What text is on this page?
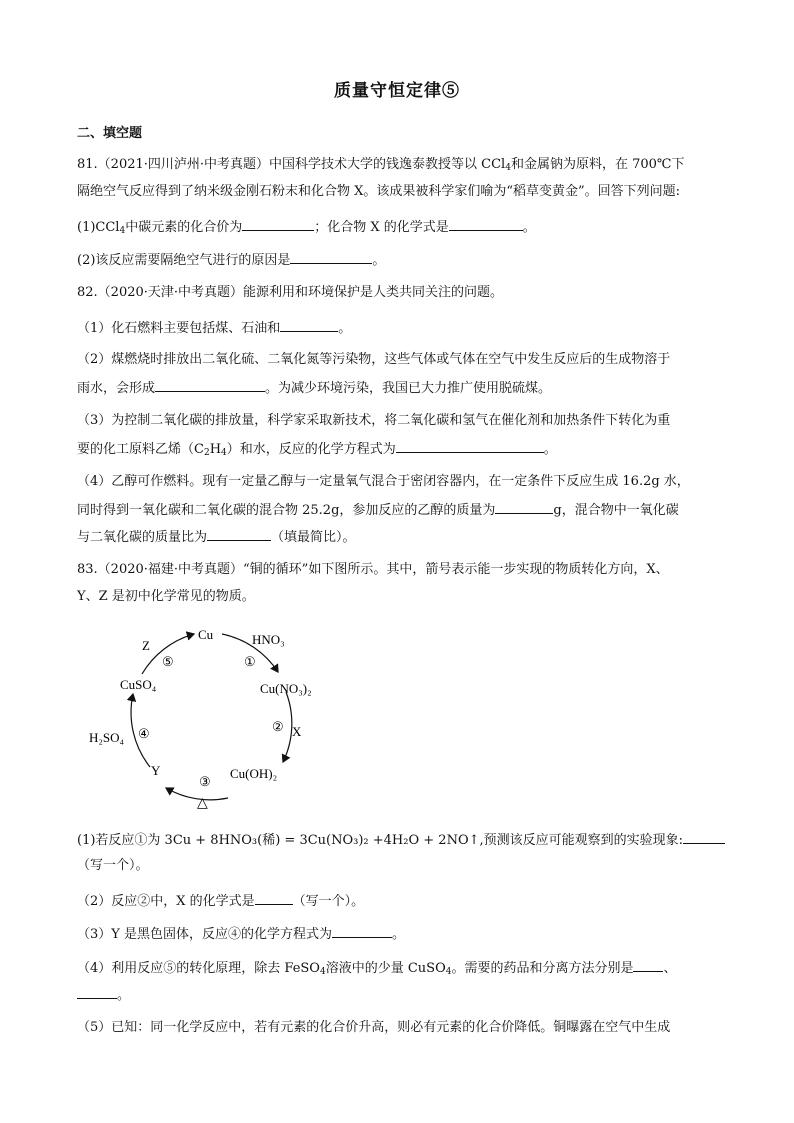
质量守恒定律⑤
二、填空题
81.（2021·四川泸州·中考真题）中国科学技术大学的钱逸泰教授等以 CCl$_4$和金属钠为原料，在 700℃下
隔绝空气反应得到了纳米级金刚石粉末和化合物 X。该成果被科学家们喻为“稻草变黄金”。回答下列问题:
(1)CCl$_4$中碳元素的化合价为	；化合物 X 的化学式是	。
(2)该反应需要隔绝空气进行的原因是	。
82.（2020·天津·中考真题）能源利用和环境保护是人类共同关注的问题。
（1）化石燃料主要包括煤、石油和	。
（2）煤燃烧时排放出二氧化硫、二氧化氮等污染物，这些气体或气体在空气中发生反应后的生成物溶于
雨水，会形成	。为减少环境污染，我国已大力推广使用脱硫煤。
（3）为控制二氧化碳的排放量，科学家采取新技术，将二氧化碳和氢气在催化剂和加热条件下转化为重
要的化工原料乙烯$(C_2H_4)$和水，反应的化学方程式为	。
（4）乙醇可作燃料。现有一定量乙醇与一定量氧气混合于密闭容器内，在一定条件下反应生成 16.2g 水，
同时得到一氧化碳和二氧化碳的混合物 25.2g，参加反应的乙醇的质量为	g，混合物中一氧化碳
与二氧化碳的质量比为	（填最简比）。
83.（2020·福建·中考真题）“铜的循环”如下图所示。其中，箭号表示能一步实现的物质转化方向，X、
Y、Z 是初中化学常见的物质。
Cu	HNO₃
Z
⑤	①
CuSO₄	Cu(NO₃)₂
② X
H₂SO₄ ④
Y	Cu(OH)₂
③
△
(1)若反应①为 3Cu + 8HNO₃(稀) = 3Cu(NO₃)₂ +4H₂O + 2NO↑,预测该反应可能观察到的实验现象:
（写一个）。
（2）反应②中，X 的化学式是	（写一个）。
（3）Y 是黑色固体，反应④的化学方程式为	。
（4）利用反应⑤的转化原理，除去 FeSO$_4$溶液中的少量 CuSO$_4$。需要的药品和分离方法分别是 、
。
（5）已知：同一化学反应中，若有元素的化合价升高，则必有元素的化合价降低。铜曝露在空气中生成
